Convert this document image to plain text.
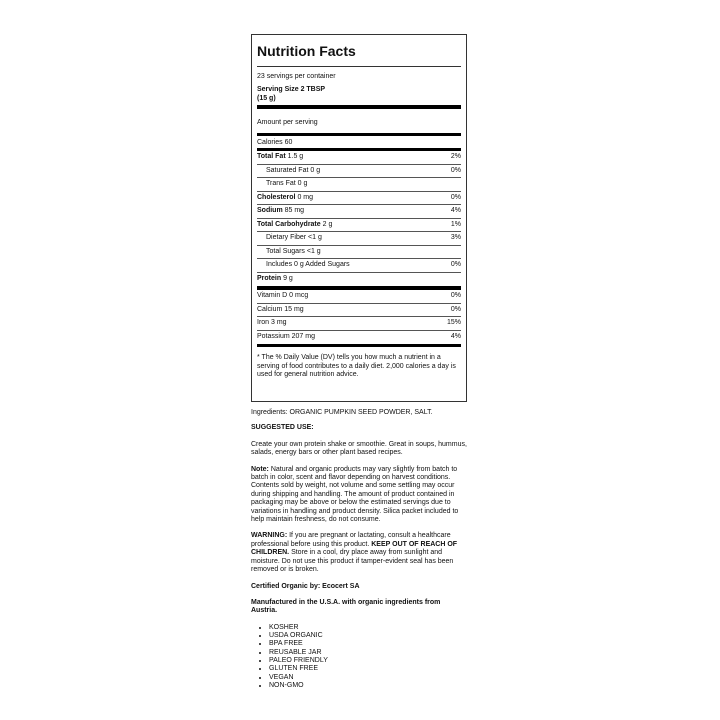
Nutrition Facts
23 servings per container
Serving Size 2 TBSP
(15 g)
Amount per serving
Calories 60
Total Fat 1.5 g	2%
Saturated Fat 0 g	0%
Trans Fat 0 g
Cholesterol 0 mg	0%
Sodium 85 mg	4%
Total Carbohydrate 2 g	1%
Dietary Fiber <1 g	3%
Total Sugars <1 g
Includes 0 g Added Sugars	0%
Protein 9 g
Vitamin D 0 mcg	0%
Calcium 15 mg	0%
Iron 3 mg	15%
Potassium 207 mg	4%
* The % Daily Value (DV) tells you how much a nutrient in a serving of food contributes to a daily diet. 2,000 calories a day is used for general nutrition advice.

Ingredients: ORGANIC PUMPKIN SEED POWDER, SALT.

SUGGESTED USE:

Create your own protein shake or smoothie. Great in soups, hummus, salads, energy bars or other plant based recipes.

Note: Natural and organic products may vary slightly from batch to batch in color, scent and flavor depending on harvest conditions. Contents sold by weight, not volume and some settling may occur during shipping and handling. The amount of product contained in packaging may be above or below the estimated servings due to variations in handling and product density. Silica packet included to help maintain freshness, do not consume.

WARNING: If you are pregnant or lactating, consult a healthcare professional before using this product. KEEP OUT OF REACH OF CHILDREN. Store in a cool, dry place away from sunlight and moisture. Do not use this product if tamper-evident seal has been removed or is broken.

Certified Organic by: Ecocert SA

Manufactured in the U.S.A. with organic ingredients from Austria.

• KOSHER
• USDA ORGANIC
• BPA FREE
• REUSABLE JAR
• PALEO FRIENDLY
• GLUTEN FREE
• VEGAN
• NON-GMO
